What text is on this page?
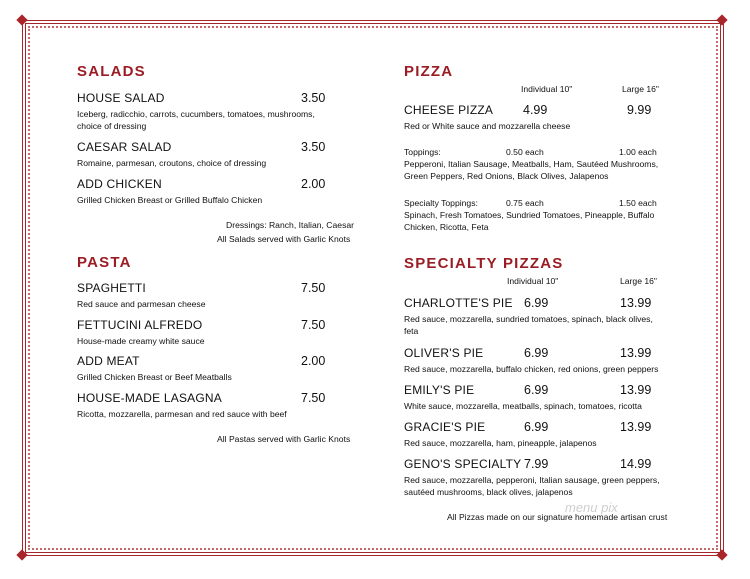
SALADS
HOUSE SALAD	3.50
Iceberg, radicchio, carrots, cucumbers, tomatoes, mushrooms,
choice of dressing
CAESAR SALAD	3.50
Romaine, parmesan, croutons, choice of dressing
ADD CHICKEN	2.00
Grilled Chicken Breast or Grilled Buffalo Chicken
Dressings: Ranch, Italian, Caesar
All Salads served with Garlic Knots
PASTA
SPAGHETTI	7.50
Red sauce and parmesan cheese
FETTUCINI ALFREDO	7.50
House-made creamy white sauce
ADD MEAT	2.00
Grilled Chicken Breast or Beef Meatballs
HOUSE-MADE LASAGNA	7.50
Ricotta, mozzarella, parmesan and red sauce with beef
All Pastas served with Garlic Knots
PIZZA
Individual 10"	Large 16"
CHEESE PIZZA 4.99	9.99
Red or White sauce and mozzarella cheese
Toppings:	0.50 each	1.00 each
Pepperoni, Italian Sausage, Meatballs, Ham, Sautéed Mushrooms,
Green Peppers, Red Onions, Black Olives, Jalapenos
Specialty Toppings:	0.75 each	1.50 each
Spinach, Fresh Tomatoes, Sundried Tomatoes, Pineapple, Buffalo
Chicken, Ricotta, Feta
SPECIALTY PIZZAS
Individual 10"	Large 16"
CHARLOTTE'S PIE 6.99	13.99
Red sauce, mozzarella, sundried tomatoes, spinach, black olives,
feta
OLIVER'S PIE	6.99	13.99
Red sauce, mozzarella, buffalo chicken, red onions, green peppers
EMILY'S PIE	6.99	13.99
White sauce, mozzarella, meatballs, spinach, tomatoes, ricotta
GRACIE'S PIE	6.99	13.99
Red sauce, mozzarella, ham, pineapple, jalapenos
GENO'S SPECIALTY 7.99	14.99
Red sauce, mozzarella, pepperoni, Italian sausage, green peppers,
sautéed mushrooms, black olives, jalapenos
menu pix
All Pizzas made on our signature homemade artisan crust
